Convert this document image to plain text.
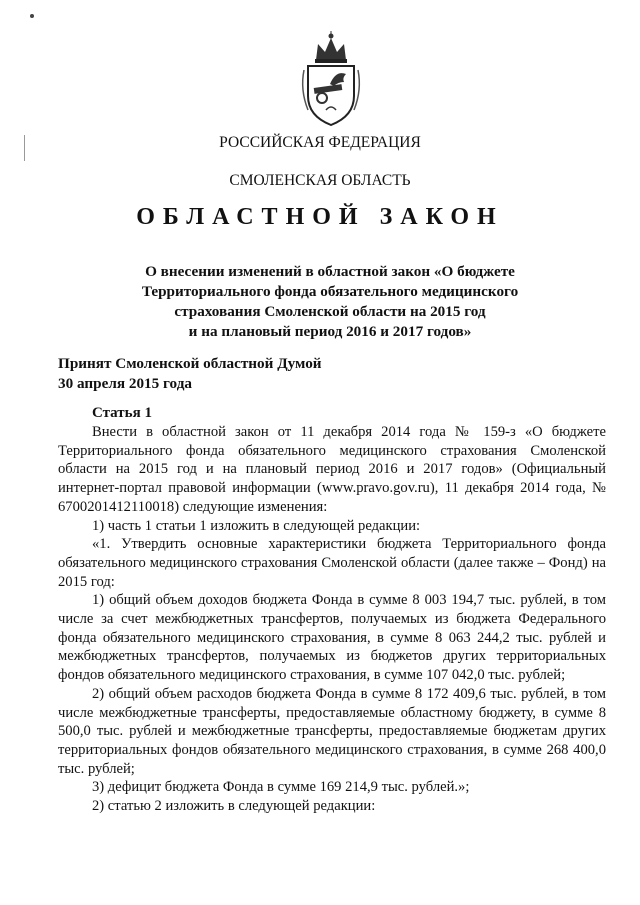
РОССИЙСКАЯ ФЕДЕРАЦИЯ
СМОЛЕНСКАЯ ОБЛАСТЬ
ОБЛАСТНОЙ ЗАКОН
О внесении изменений в областной закон «О бюджете
Территориального фонда обязательного медицинского
страхования Смоленской области на 2015 год
и на плановый период 2016 и 2017 годов»
Принят Смоленской областной Думой
30 апреля 2015 года
Статья 1

Внести в областной закон от 11 декабря 2014 года № 159-з «О бюджете Территориального фонда обязательного медицинского страхования Смоленской области на 2015 год и на плановый период 2016 и 2017 годов» (Официальный интернет-портал правовой информации (www.pravo.gov.ru), 11 декабря 2014 года, № 6700201412110018) следующие изменения:

1) часть 1 статьи 1 изложить в следующей редакции:

«1. Утвердить основные характеристики бюджета Территориального фонда обязательного медицинского страхования Смоленской области (далее также – Фонд) на 2015 год:

1) общий объем доходов бюджета Фонда в сумме 8 003 194,7 тыс. рублей, в том числе за счет межбюджетных трансфертов, получаемых из бюджета Федерального фонда обязательного медицинского страхования, в сумме 8 063 244,2 тыс. рублей и межбюджетных трансфертов, получаемых из бюджетов других территориальных фондов обязательного медицинского страхования, в сумме 107 042,0 тыс. рублей;

2) общий объем расходов бюджета Фонда в сумме 8 172 409,6 тыс. рублей, в том числе межбюджетные трансферты, предоставляемые областному бюджету, в сумме 8 500,0 тыс. рублей и межбюджетные трансферты, предоставляемые бюджетам других территориальных фондов обязательного медицинского страхования, в сумме 268 400,0 тыс. рублей;

3) дефицит бюджета Фонда в сумме 169 214,9 тыс. рублей.»;

2) статью 2 изложить в следующей редакции:
